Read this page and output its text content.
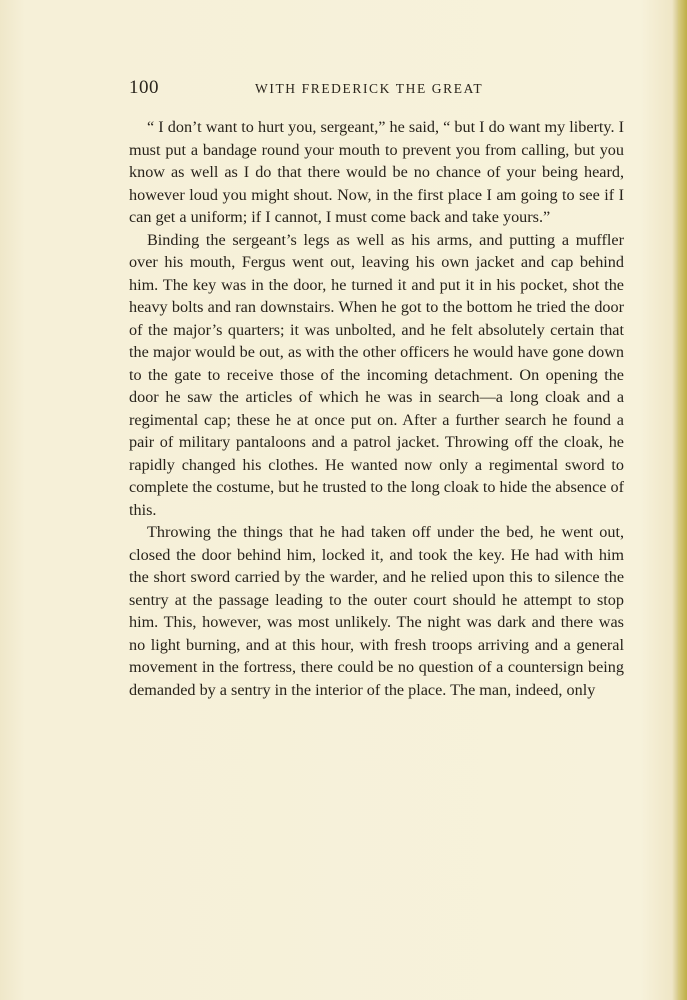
100	WITH FREDERICK THE GREAT

“ I don’t want to hurt you, sergeant,” he said, “ but I do want my liberty. I must put a bandage round your mouth to prevent you from calling, but you know as well as I do that there would be no chance of your being heard, however loud you might shout. Now, in the first place I am going to see if I can get a uniform; if I cannot, I must come back and take yours.”

Binding the sergeant’s legs as well as his arms, and putting a muffler over his mouth, Fergus went out, leaving his own jacket and cap behind him. The key was in the door, he turned it and put it in his pocket, shot the heavy bolts and ran downstairs. When he got to the bottom he tried the door of the major’s quarters; it was unbolted, and he felt absolutely certain that the major would be out, as with the other officers he would have gone down to the gate to receive those of the incoming detachment. On opening the door he saw the articles of which he was in search—a long cloak and a regimental cap; these he at once put on. After a further search he found a pair of military pantaloons and a patrol jacket. Throwing off the cloak, he rapidly changed his clothes. He wanted now only a regimental sword to complete the costume, but he trusted to the long cloak to hide the absence of this.

Throwing the things that he had taken off under the bed, he went out, closed the door behind him, locked it, and took the key. He had with him the short sword carried by the warder, and he relied upon this to silence the sentry at the passage leading to the outer court should he attempt to stop him. This, however, was most unlikely. The night was dark and there was no light burning, and at this hour, with fresh troops arriving and a general movement in the fortress, there could be no question of a countersign being demanded by a sentry in the interior of the place. The man, indeed, only
